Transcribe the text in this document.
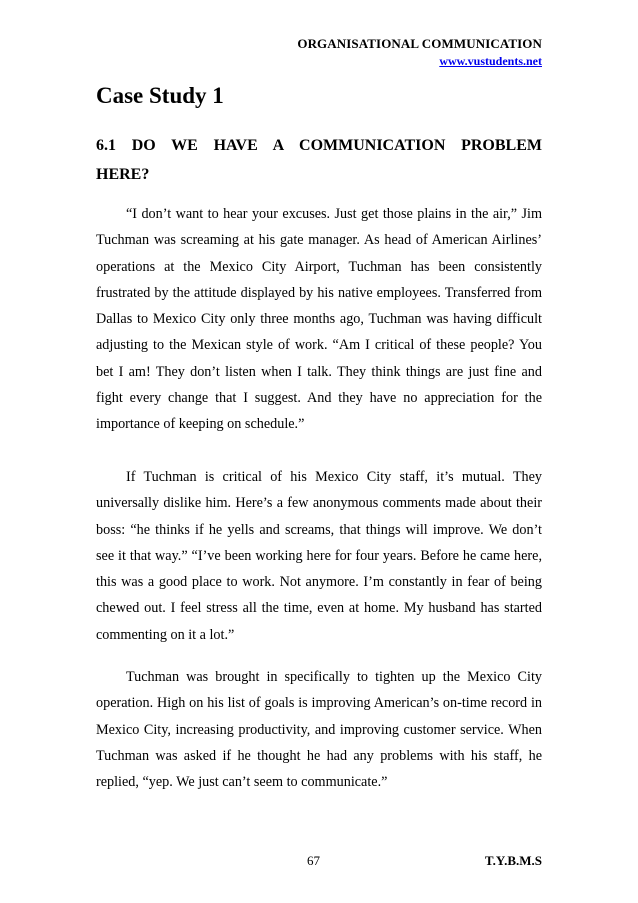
ORGANISATIONAL COMMUNICATION
www.vustudents.net
Case Study 1
6.1 DO WE HAVE A COMMUNICATION PROBLEM HERE?

“I don’t want to hear your excuses. Just get those plains in the air,” Jim Tuchman was screaming at his gate manager. As head of American Airlines’ operations at the Mexico City Airport, Tuchman has been consistently frustrated by the attitude displayed by his native employees. Transferred from Dallas to Mexico City only three months ago, Tuchman was having difficult adjusting to the Mexican style of work. “Am I critical of these people? You bet I am! They don’t listen when I talk. They think things are just fine and fight every change that I suggest. And they have no appreciation for the importance of keeping on schedule.”

If Tuchman is critical of his Mexico City staff, it’s mutual. They universally dislike him. Here’s a few anonymous comments made about their boss: “he thinks if he yells and screams, that things will improve. We don’t see it that way.” “I’ve been working here for four years. Before he came here, this was a good place to work. Not anymore. I’m constantly in fear of being chewed out. I feel stress all the time, even at home. My husband has started commenting on it a lot.”

Tuchman was brought in specifically to tighten up the Mexico City operation. High on his list of goals is improving American’s on-time record in Mexico City, increasing productivity, and improving customer service. When Tuchman was asked if he thought he had any problems with his staff, he replied, “yep. We just can’t seem to communicate.”

67	T.Y.B.M.S
